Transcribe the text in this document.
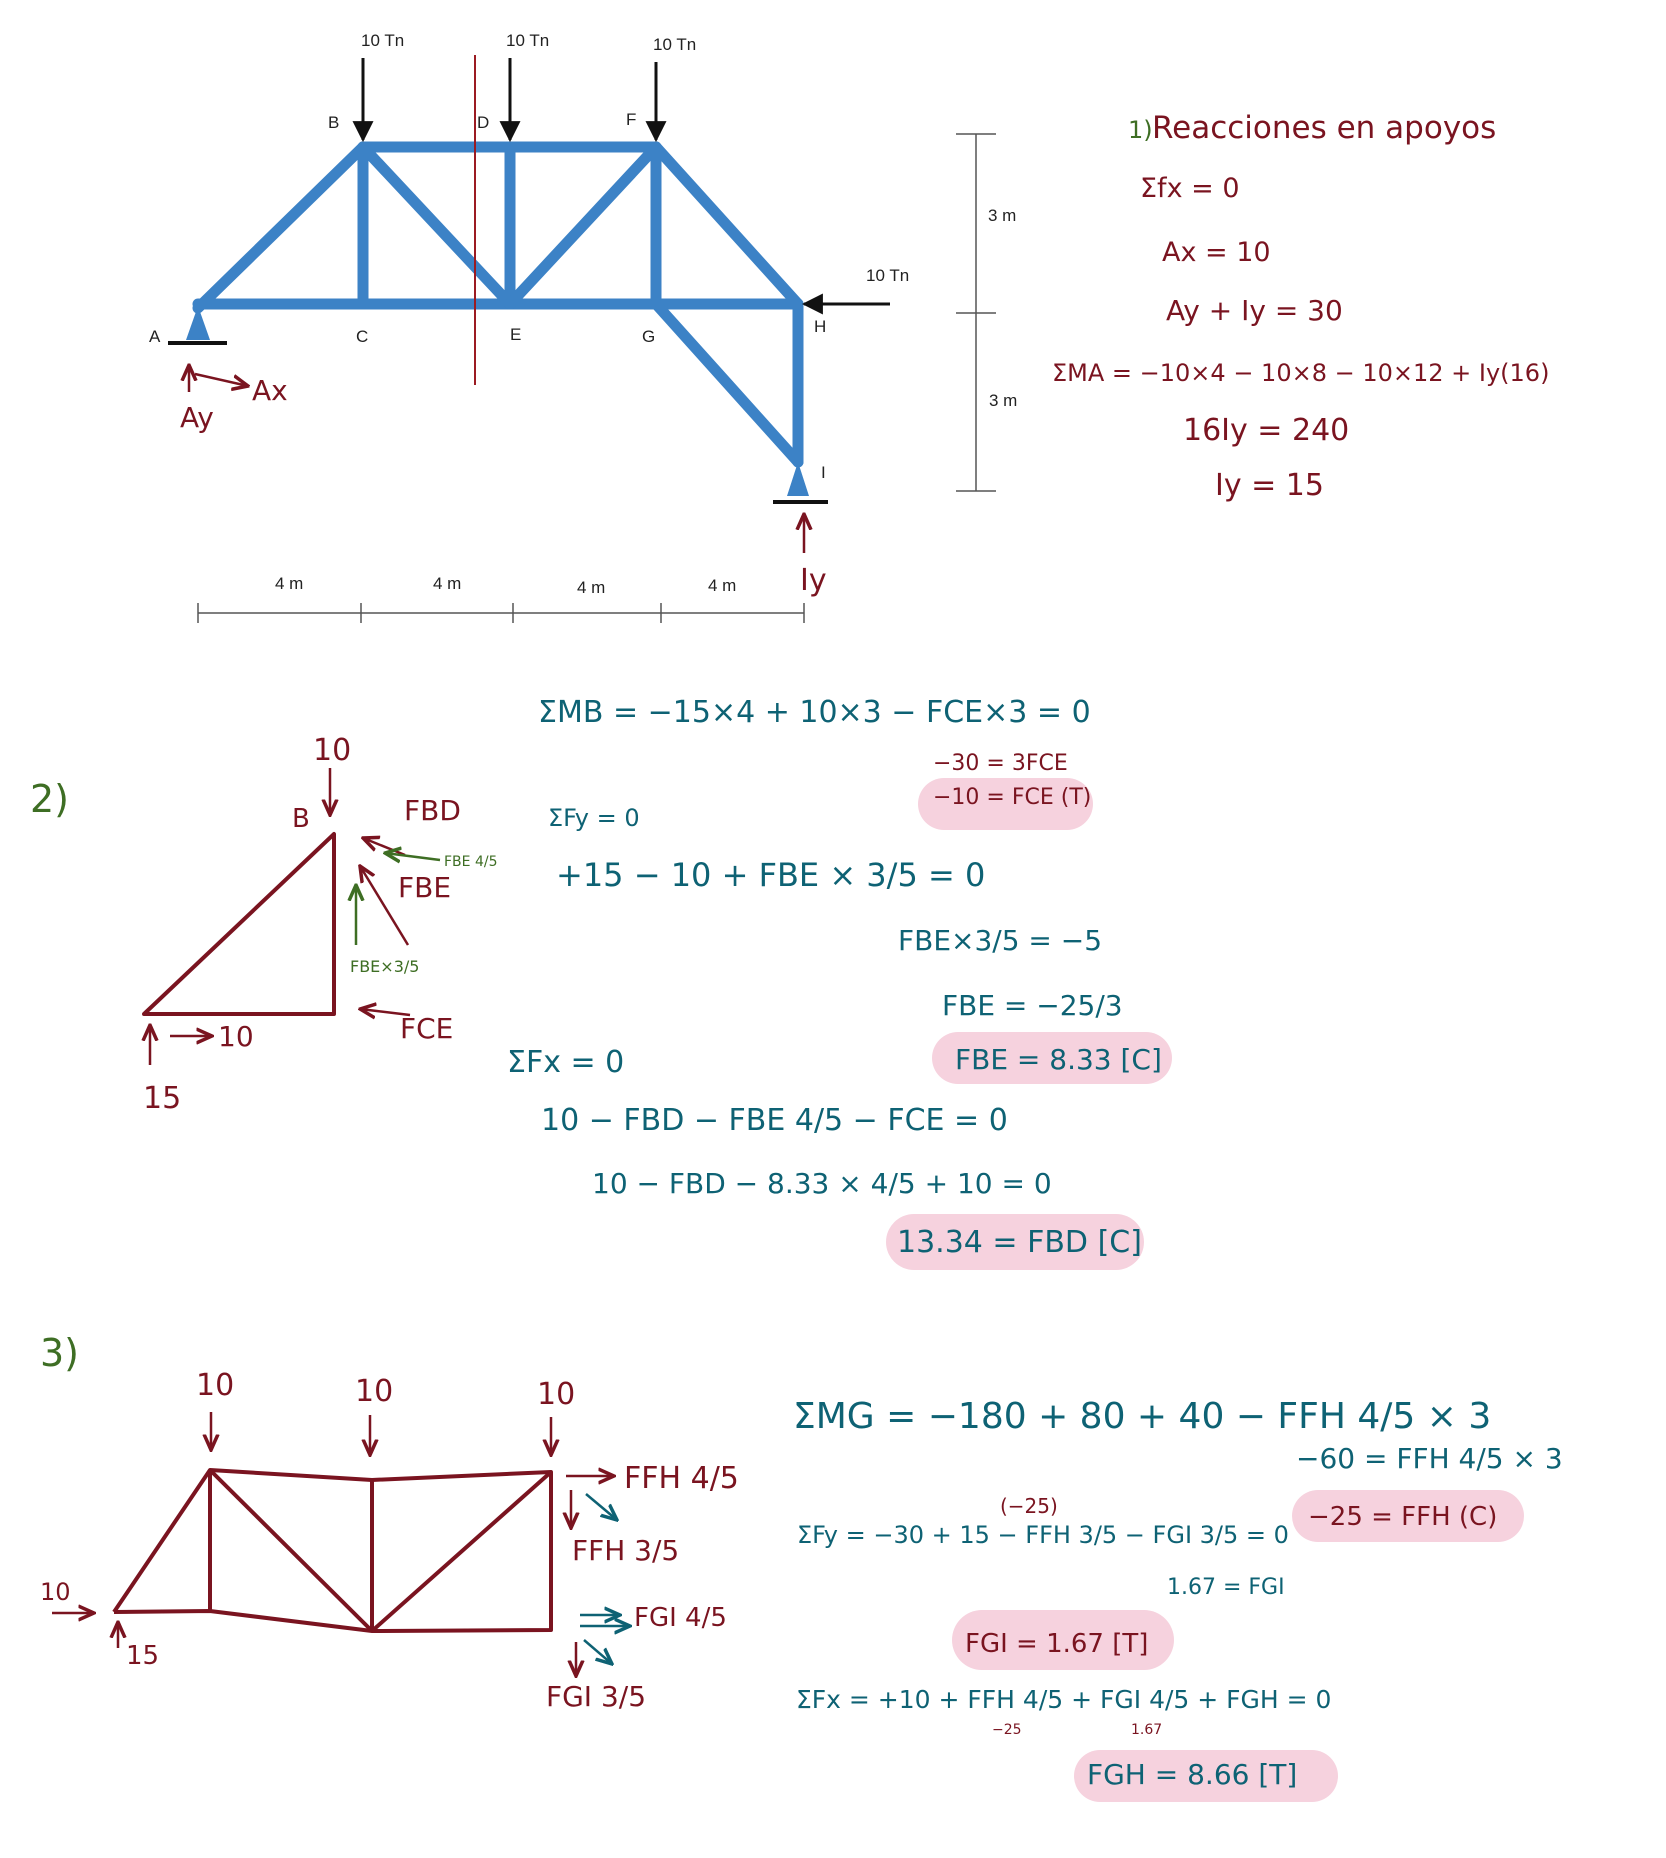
10 Tn	10 Tn	10 Tn
10 Tn
A
B
C
D
E
F
G
H
I
4 m	4 m	4 m	4 m
3 m
3 m
Ax
Ay
Iy
1) Reacciones en apoyos
Σfx = 0
Ax = 10
Ay + Iy = 30
ΣMA = −10×4 − 10×8 − 10×12 + Iy(16)
16Iy = 240
Iy = 15
2)
10
B	FBD
FBE 4/5
FBE
FBE×3/5
FCE
10
15
ΣMB = −15×4 + 10×3 − FCE×3 = 0
−30 = 3FCE
−10 = FCE (T)
ΣFy = 0
+15 − 10 + FBE × 3/5 = 0
FBE×3/5 = −5
FBE = −25/3
FBE = 8.33 [C]
ΣFx = 0
10 − FBD − FBE 4/5 − FCE = 0
10 − FBD − 8.33 × 4/5 + 10 = 0
13.34 = FBD [C]
3)
10	10	10
10
15
FFH 4/5
FFH 3/5
FGI 4/5
FGI 3/5
ΣMG = −180 + 80 + 40 − FFH 4/5 × 3
−60 = FFH 4/5 × 3
ΣFy = −30 + 15 − FFH 3/5 − FGI 3/5 = 0
(−25)	−25 = FFH (C)
1.67 = FGI
FGI = 1.67 [T]
ΣFx = +10 + FFH 4/5 + FGI 4/5 + FGH = 0
−25	1.67
FGH = 8.66 [T]
